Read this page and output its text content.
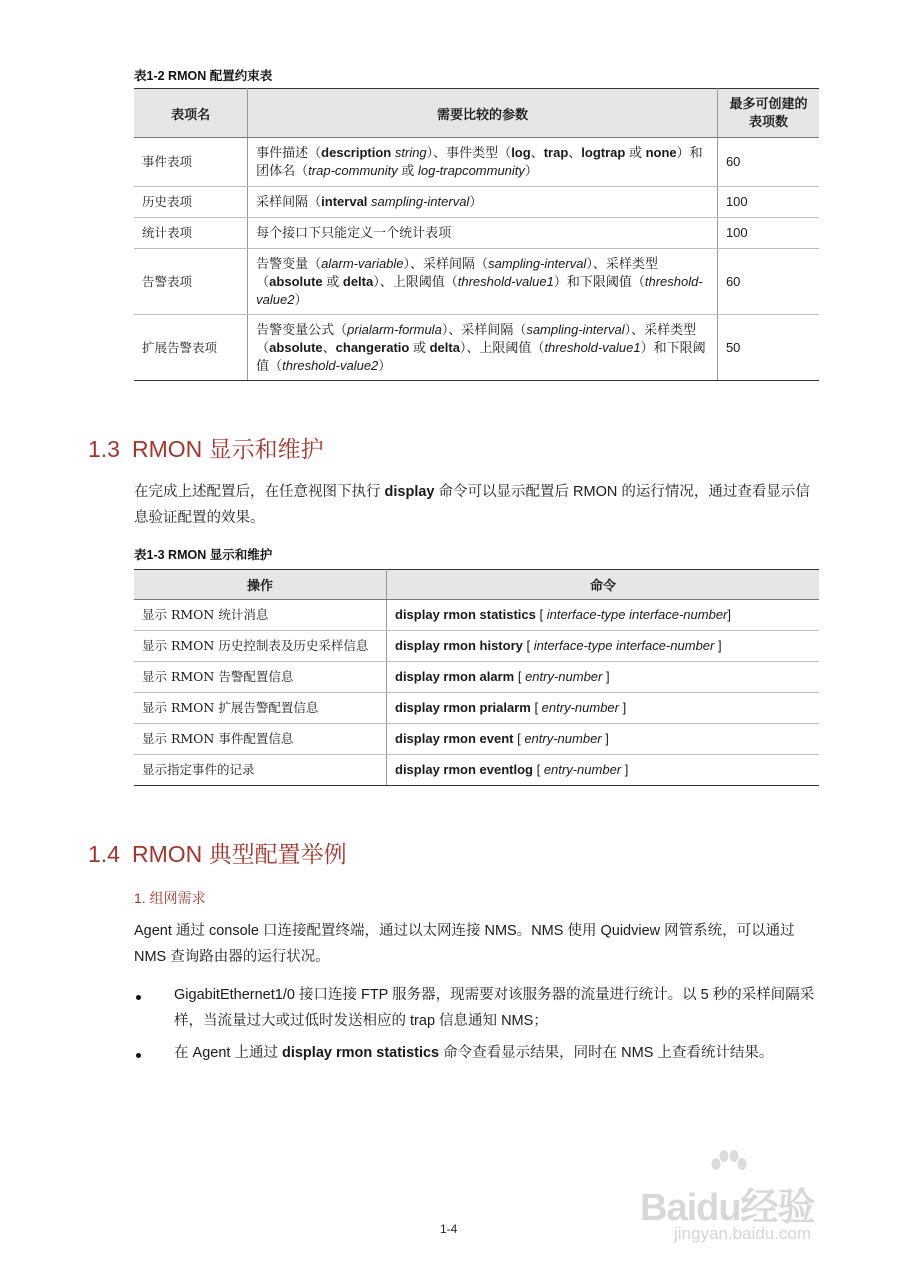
表1-2 RMON 配置约束表
表项名	需要比较的参数	最多可创建的表项数
事件表项	事件描述（description string）、事件类型（log、trap、logtrap 或 none）和团体名（trap-community 或 log-trapcommunity）	60
历史表项	采样间隔（interval sampling-interval）	100
统计表项	每个接口下只能定义一个统计表项	100
告警表项	告警变量（alarm-variable）、采样间隔（sampling-interval）、采样类型（absolute 或 delta）、上限阈值（threshold-value1）和下限阈值（threshold-value2）	60
扩展告警表项	告警变量公式（prialarm-formula）、采样间隔（sampling-interval）、采样类型（absolute、changeratio 或 delta）、上限阈值（threshold-value1）和下限阈值（threshold-value2）	50
1.3 RMON 显示和维护
在完成上述配置后，在任意视图下执行 display 命令可以显示配置后 RMON 的运行情况，通过查看显示信息验证配置的效果。
表1-3 RMON 显示和维护
操作	命令
显示 RMON 统计消息	display rmon statistics [ interface-type interface-number]
显示 RMON 历史控制表及历史采样信息	display rmon history [ interface-type interface-number ]
显示 RMON 告警配置信息	display rmon alarm [ entry-number ]
显示 RMON 扩展告警配置信息	display rmon prialarm [ entry-number ]
显示 RMON 事件配置信息	display rmon event [ entry-number ]
显示指定事件的记录	display rmon eventlog [ entry-number ]
1.4 RMON 典型配置举例
1. 组网需求
Agent 通过 console 口连接配置终端，通过以太网连接 NMS。NMS 使用 Quidview 网管系统，可以通过 NMS 查询路由器的运行状况。
GigabitEthernet1/0 接口连接 FTP 服务器，现需要对该服务器的流量进行统计。以 5 秒的采样间隔采样，当流量过大或过低时发送相应的 trap 信息通知 NMS；
在 Agent 上通过 display rmon statistics 命令查看显示结果，同时在 NMS 上查看统计结果。
1-4	Baidu经验
jingyan.baidu.com
